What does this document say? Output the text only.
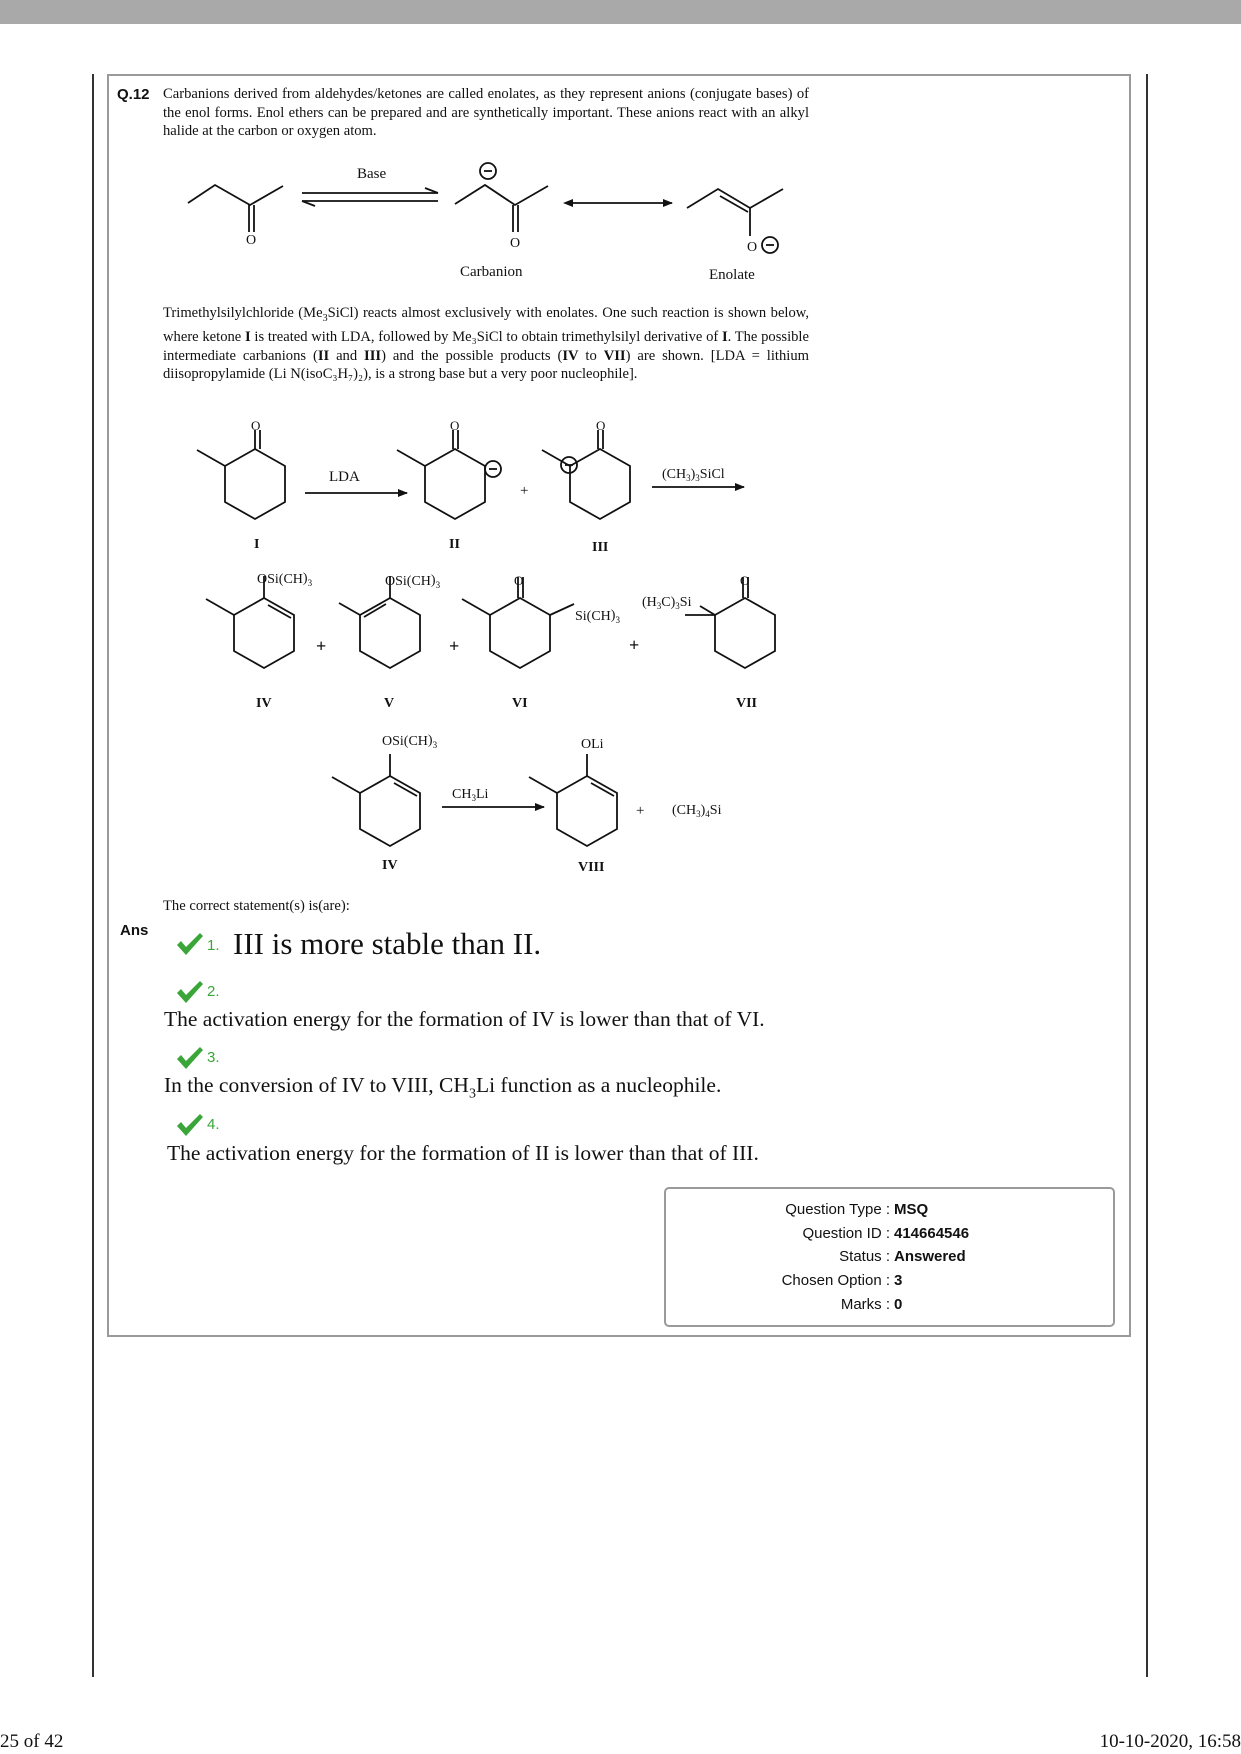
Q.12 Carbanions derived from aldehydes/ketones are called enolates, as they represent anions (conjugate bases) of the enol forms. Enol ethers can be prepared and are synthetically important. These anions react with an alkyl halide at the carbon or oxygen atom.
Trimethylsilylchloride $(Me_3SiCl)$ reacts almost exclusively with enolates. One such reaction is shown below, where ketone I is treated with LDA, followed by Me₃SiCl to obtain trimethylsilyl derivative of I. The possible intermediate carbanions (II and III) and the possible products (IV to VII) are shown. [LDA = lithium diisopropylamide (Li N(isoC₃H₇)₂), is a strong base but a very poor nucleophile].
The correct statement(s) is(are):
Base
O	O	O
Carbanion	Enolate
O	O	O
LDA
+
$(CH_3)_3SiCl$
I	II	III
$OSi(CH)_3$	$OSi(CH)_3$	O	O
$Si(CH)_3$
$(H_3C)_3Si$
+	+	+
IV	V	VI	VII
$OSi(CH)_3$
$CH_3Li$
OLi
+ $(CH_3)_4Si$
IV	VIII
Ans
1. III is more stable than II.
2.
The activation energy for the formation of IV is lower than that of VI.
3.
In the conversion of IV to VIII, $CH_3Li$ function as a nucleophile.
4.
The activation energy for the formation of II is lower than that of III.
Question Type : MSQ
Question ID : 414664546
Status : Answered
Chosen Option : 3
Marks : 0
25 of 42	10-10-2020, 16:58
